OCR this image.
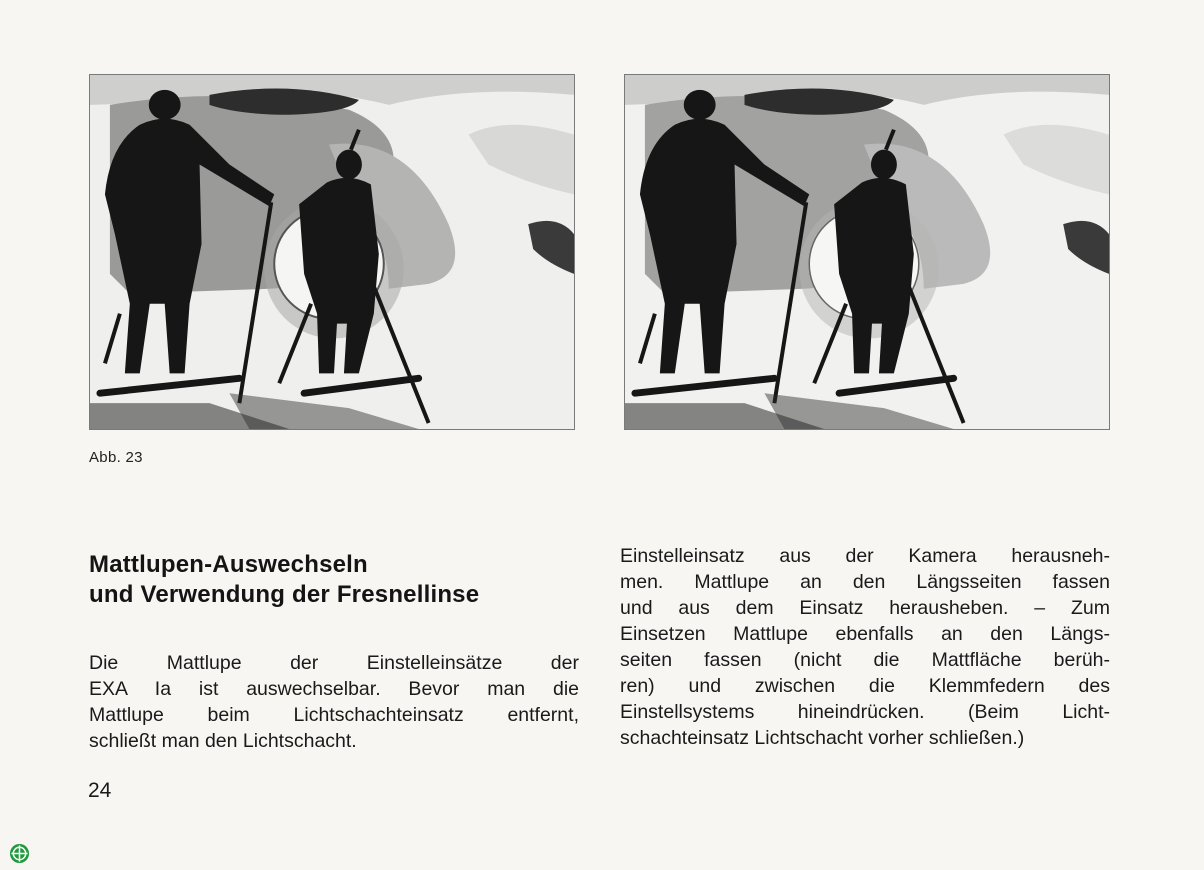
Abb. 23
Mattlupen-Auswechseln
und Verwendung der Fresnellinse
Die Mattlupe der Einstelleinsätze der
EXA Ia ist auswechselbar. Bevor man die
Mattlupe beim Lichtschachteinsatz entfernt,
schließt man den Lichtschacht.
Einstelleinsatz aus der Kamera herausneh-
men. Mattlupe an den Längsseiten fassen
und aus dem Einsatz herausheben. – Zum
Einsetzen Mattlupe ebenfalls an den Längs-
seiten fassen (nicht die Mattfläche berüh-
ren) und zwischen die Klemmfedern des
Einstellsystems hineindrücken. (Beim Licht-
schachteinsatz Lichtschacht vorher schließen.)
24
